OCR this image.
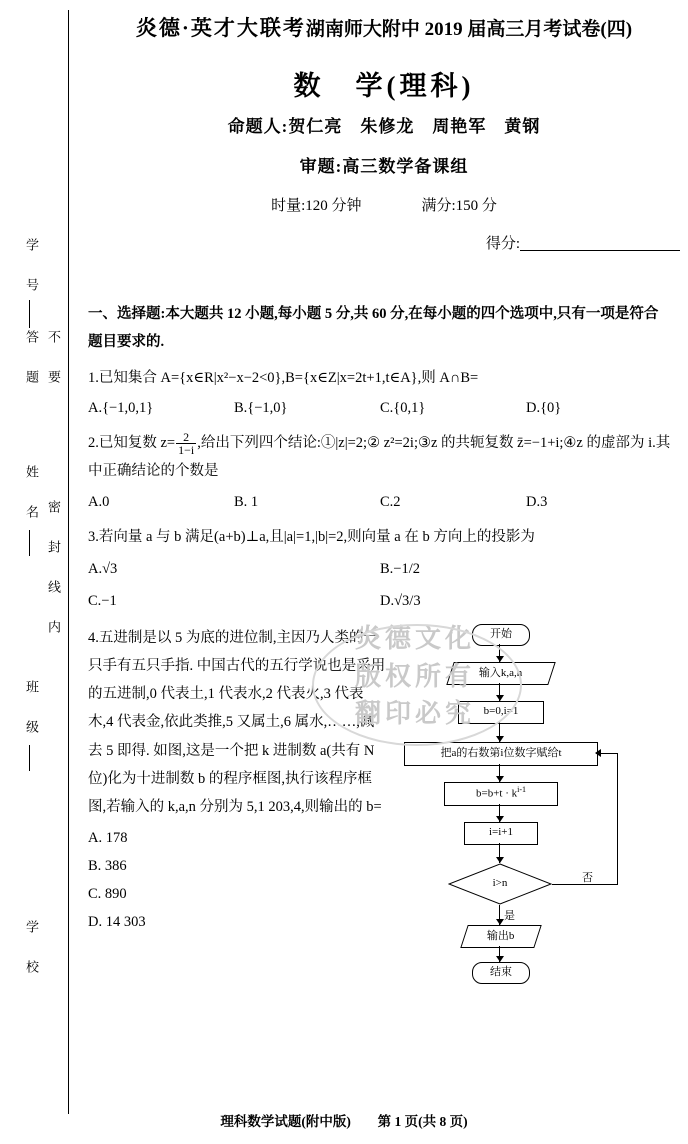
学 号
答 题
姓 名
不 要
密 封 线 内
班 级
学 校
炎德·英才大联考湖南师大附中 2019 届高三月考试卷(四)
数　学(理科)
命题人:贺仁亮　朱修龙　周艳军　黄钢
审题:高三数学备课组
时量:120 分钟	满分:150 分
得分:
一、选择题:本大题共 12 小题,每小题 5 分,共 60 分,在每小题的四个选项中,只有一项是符合题目要求的.
1.已知集合 A={x∈R|x²−x−2<0},B={x∈Z|x=2t+1,t∈A},则 A∩B=
A.{−1,0,1}	B.{−1,0}	C.{0,1}	D.{0}
2.已知复数 $z= \frac{2}{1-i}$ ,给出下列四个结论:①|z|=2;② z²=2i;③z 的共轭复数 z̄=−1+i;④z 的虚部为 i.其中正确结论的个数是
A.0	B. 1	C.2	D.3
3.若向量 a 与 b 满足(a+b)⊥a,且|a|=1,|b|=2,则向量 a 在 b 方向上的投影为
A.√3	B.−1/2
C.−1	D.√3/3
4.五进制是以 5 为底的进位制,主因乃人类的一只手有五只手指. 中国古代的五行学说也是采用的五进制,0 代表土,1 代表水,2 代表火,3 代表木,4 代表金,依此类推,5 又属土,6 属水,……,减去 5 即得. 如图,这是一个把 k 进制数 a(共有 N 位)化为十进制数 b 的程序框图,执行该程序框图,若输入的 k,a,n 分别为 5,1 203,4,则输出的 b=
A. 178
B. 386
C. 890
D. 14 303
开始
输入k,a,n
b=0,i=1
把a的右数第i位数字赋给t
$b=b+t \cdot k^{i-1}$
i=i+1
i>n	否
是
输出b
结束
炎德文化
版权所有
翻印必究
理科数学试题(附中版) 第 1 页(共 8 页)
